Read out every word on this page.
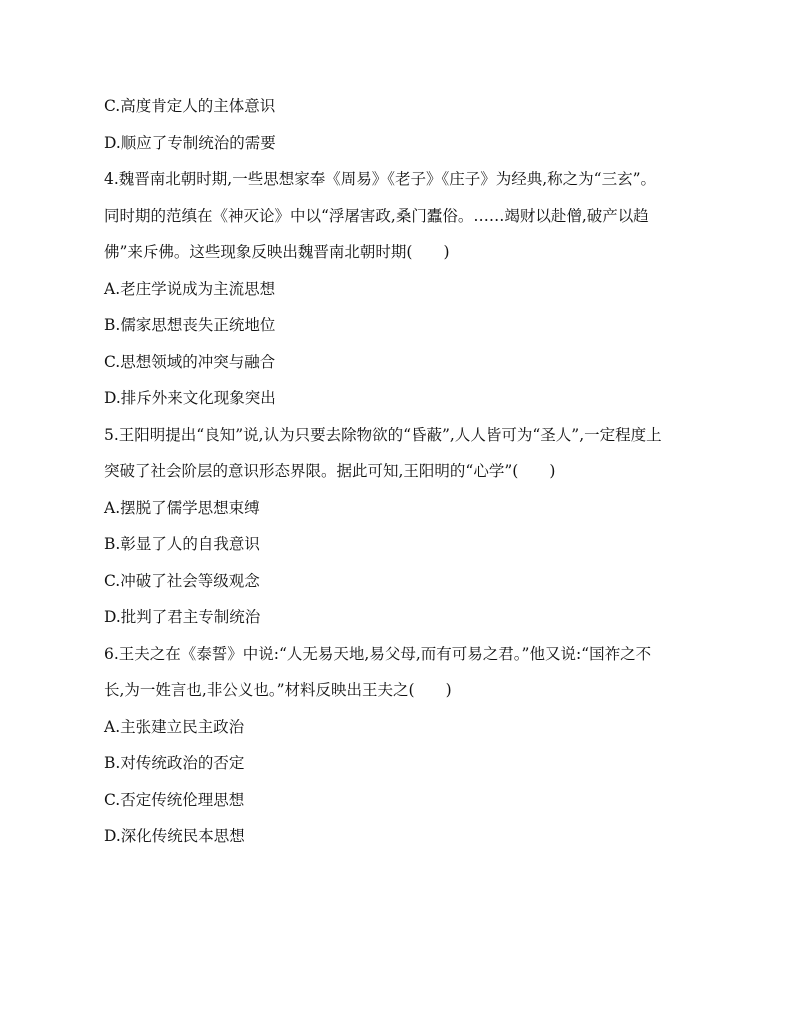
C.高度肯定人的主体意识
D.顺应了专制统治的需要
4.魏晋南北朝时期,一些思想家奉《周易》《老子》《庄子》为经典,称之为“三玄”。
同时期的范缜在《神灭论》中以“浮屠害政,桑门蠹俗。……竭财以赴僧,破产以趋
佛”来斥佛。这些现象反映出魏晋南北朝时期(　　)
A.老庄学说成为主流思想
B.儒家思想丧失正统地位
C.思想领域的冲突与融合
D.排斥外来文化现象突出
5.王阳明提出“良知”说,认为只要去除物欲的“昏蔽”,人人皆可为“圣人”,一定程度上
突破了社会阶层的意识形态界限。据此可知,王阳明的“心学”(　　)
A.摆脱了儒学思想束缚
B.彰显了人的自我意识
C.冲破了社会等级观念
D.批判了君主专制统治
6.王夫之在《泰誓》中说:“人无易天地,易父母,而有可易之君。”他又说:“国祚之不
长,为一姓言也,非公义也。”材料反映出王夫之(　　)
A.主张建立民主政治
B.对传统政治的否定
C.否定传统伦理思想
D.深化传统民本思想
